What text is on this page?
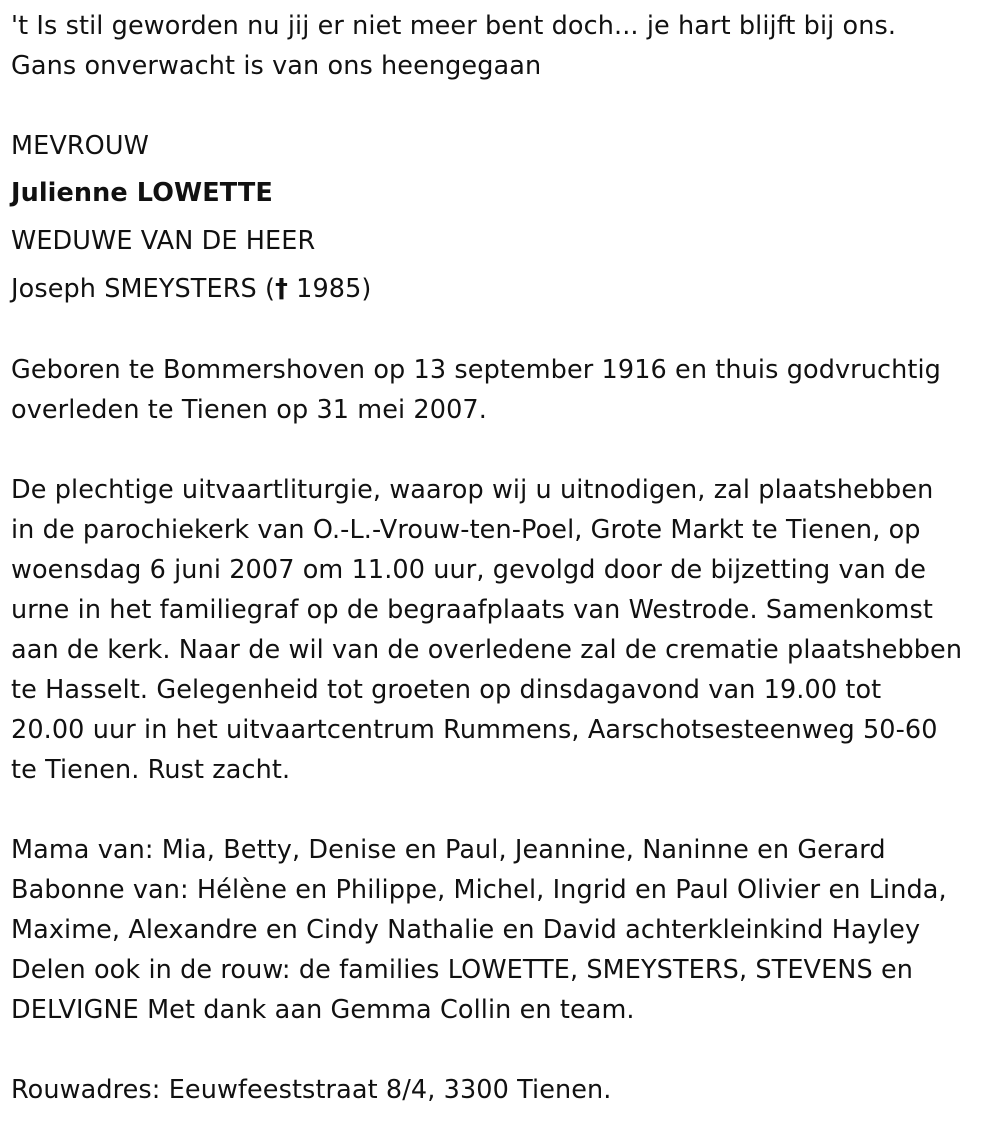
't Is stil geworden nu jij er niet meer bent doch... je hart blijft bij ons.
Gans onverwacht is van ons heengegaan
MEVROUW
Julienne LOWETTE
WEDUWE VAN DE HEER
Joseph SMEYSTERS († 1985)
Geboren te Bommershoven op 13 september 1916 en thuis godvruchtig
overleden te Tienen op 31 mei 2007.
De plechtige uitvaartliturgie, waarop wij u uitnodigen, zal plaatshebben
in de parochiekerk van O.-L.-Vrouw-ten-Poel, Grote Markt te Tienen, op
woensdag 6 juni 2007 om 11.00 uur, gevolgd door de bijzetting van de
urne in het familiegraf op de begraafplaats van Westrode. Samenkomst
aan de kerk. Naar de wil van de overledene zal de crematie plaatshebben
te Hasselt. Gelegenheid tot groeten op dinsdagavond van 19.00 tot
20.00 uur in het uitvaartcentrum Rummens, Aarschotsesteenweg 50-60
te Tienen. Rust zacht.
Mama van: Mia, Betty, Denise en Paul, Jeannine, Naninne en Gerard
Babonne van: Hélène en Philippe, Michel, Ingrid en Paul Olivier en Linda,
Maxime, Alexandre en Cindy Nathalie en David achterkleinkind Hayley
Delen ook in de rouw: de families LOWETTE, SMEYSTERS, STEVENS en
DELVIGNE Met dank aan Gemma Collin en team.
Rouwadres: Eeuwfeeststraat 8/4, 3300 Tienen.
